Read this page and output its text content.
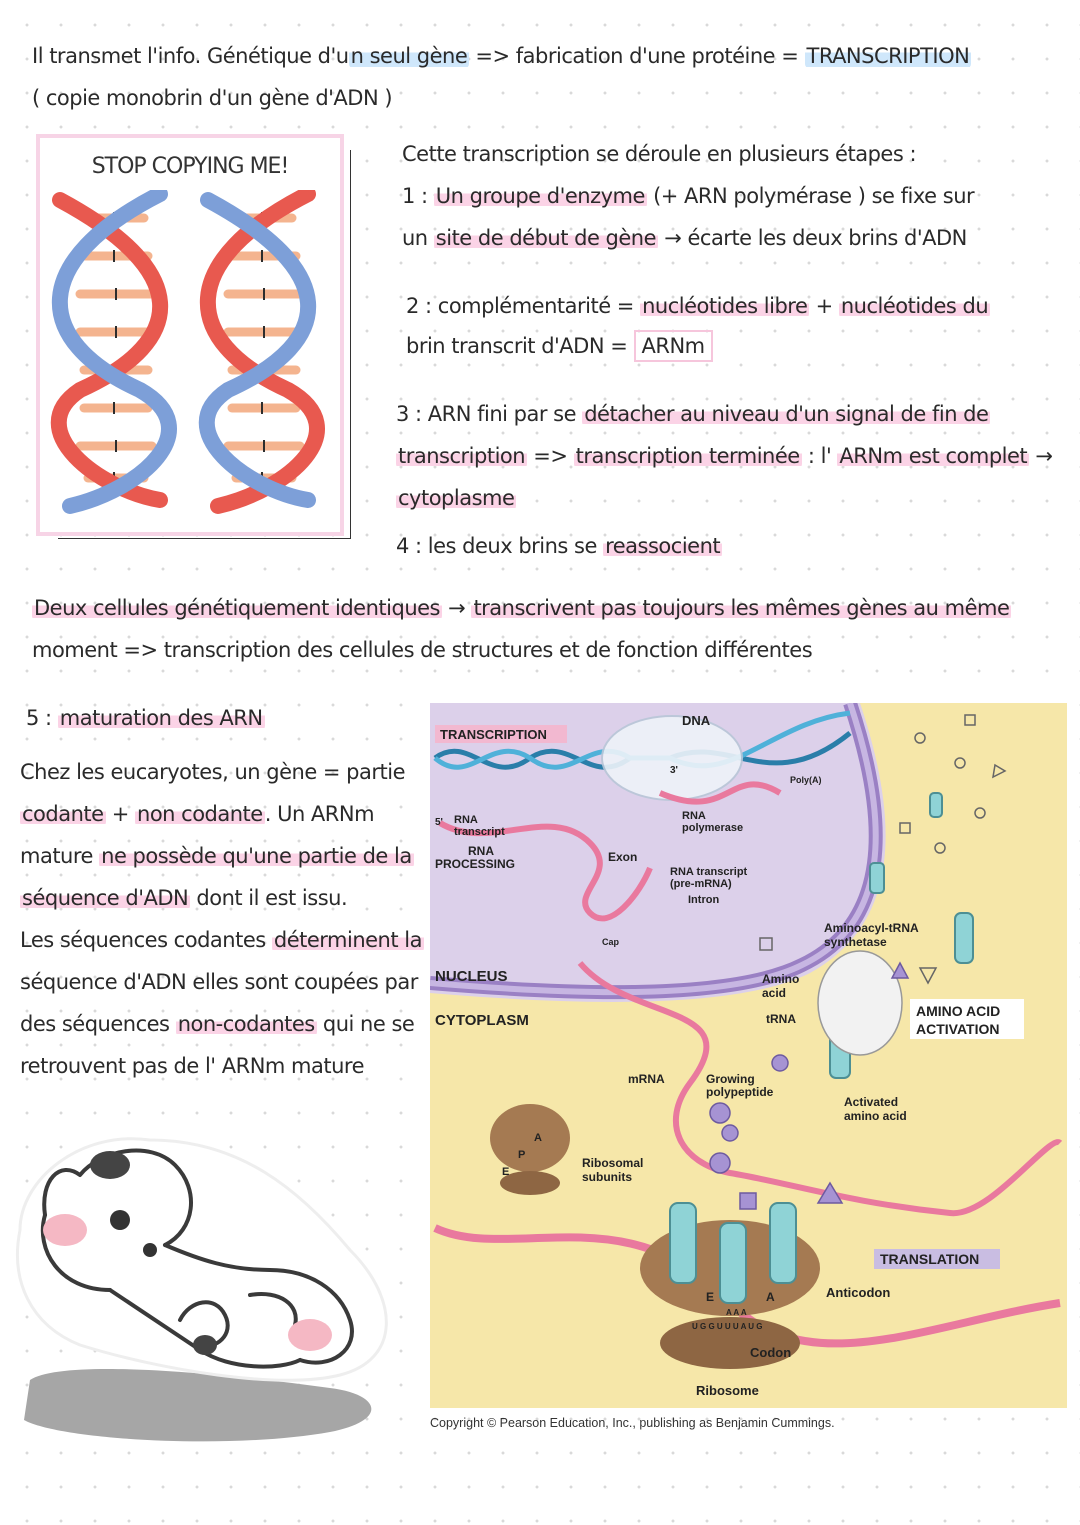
Il transmet l'info. Génétique d'un seul gène => fabrication d'une protéine = TRANSCRIPTION
( copie monobrin d'un gène d'ADN )
STOP COPYING ME!	Cette transcription se déroule en plusieurs étapes :
1 : Un groupe d'enzyme (+ ARN polymérase ) se fixe sur
un site de début de gène → écarte les deux brins d'ADN
2 : complémentarité = nucléotides libre + nucléotides du
brin transcrit d'ADN = ARNm
3 : ARN fini par se détacher au niveau d'un signal de fin de
transcription => transcription terminée : l' ARNm est complet →
cytoplasme
4 : les deux brins se reassocient
Deux cellules génétiquement identiques → transcrivent pas toujours les mêmes gènes au même
moment => transcription des cellules de structures et de fonction différentes
5 : maturation des ARN
Chez les eucaryotes, un gène = partie
codante + non codante. Un ARNm
mature ne possède qu'une partie de la
séquence d'ADN dont il est issu.
Les séquences codantes déterminent la
séquence d'ADN elles sont coupées par
des séquences non-codantes qui ne se
retrouvent pas de l' ARNm mature
TRANSCRIPTION
DNA
3'
5' RNA
transcript
RNA
polymerase
RNA
PROCESSING	Exon
RNA transcript
(pre-mRNA)
Intron
Poly(A)
Cap
NUCLEUS
CYTOPLASM
Aminoacyl-tRNA
synthetase
Amino
acid
tRNA	AMINO ACID
ACTIVATION
mRNA	Growing
polypeptide
Activated
amino acid
Ribosomal
subunits
E
P
A
TRANSLATION
E	A	Anticodon
Codon
Ribosome
U G G U U U A U G
A A A
Copyright © Pearson Education, Inc., publishing as Benjamin Cummings.
